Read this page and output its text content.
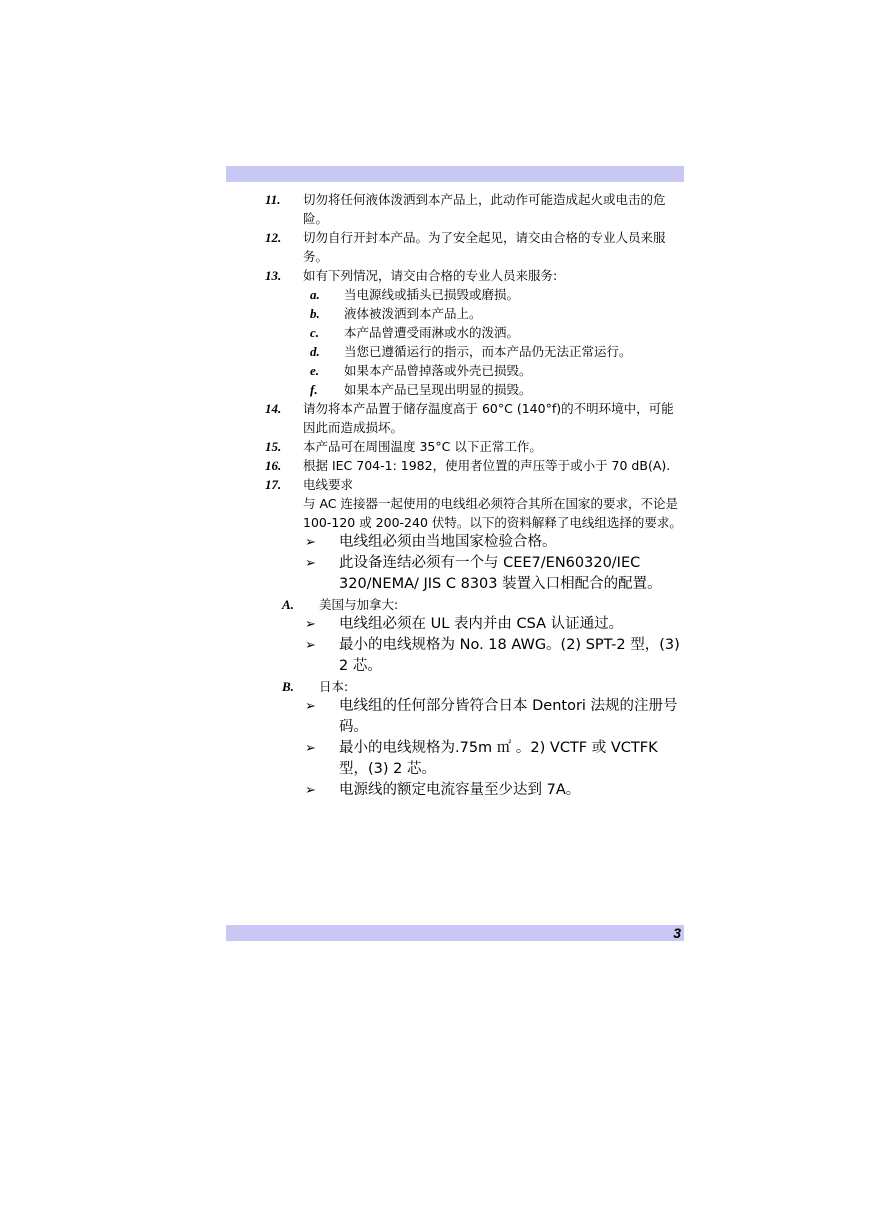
11.	切勿将任何液体泼洒到本产品上，此动作可能造成起火或电击的危险。
12.	切勿自行开封本产品。为了安全起见，请交由合格的专业人员来服务。
13.	如有下列情况，请交由合格的专业人员来服务:
a.	当电源线或插头已损毁或磨损。
b.	液体被泼洒到本产品上。
c.	本产品曾遭受雨淋或水的泼洒。
d.	当您已遵循运行的指示，而本产品仍无法正常运行。
e.	如果本产品曾掉落或外壳已损毁。
f.	如果本产品已呈现出明显的损毁。
14.	请勿将本产品置于储存温度高于 60°C (140°f)的不明环境中，可能因此而造成损坏。
15.	本产品可在周围温度 35°C 以下正常工作。
16.	根据 IEC 704-1: 1982，使用者位置的声压等于或小于 70 dB(A).
17.	电线要求
与 AC 连接器一起使用的电线组必须符合其所在国家的要求，不论是 100-120 或 200-240 伏特。以下的资料解释了电线组选择的要求。
➢	电线组必须由当地国家检验合格。
➢	此设备连结必须有一个与 CEE7/EN60320/IEC 320/NEMA/ JIS C 8303 装置入口相配合的配置。
A.	美国与加拿大:
➢	电线组必须在 UL 表内并由 CSA 认证通过。
➢	最小的电线规格为 No. 18 AWG。(2) SPT-2 型，(3) 2 芯。
B.	日本:
➢	电线组的任何部分皆符合日本 Dentori 法规的注册号码。
➢	最小的电线规格为.75m ㎡ 。2) VCTF 或 VCTFK 型，(3) 2 芯。
➢	电源线的额定电流容量至少达到 7A。
3
